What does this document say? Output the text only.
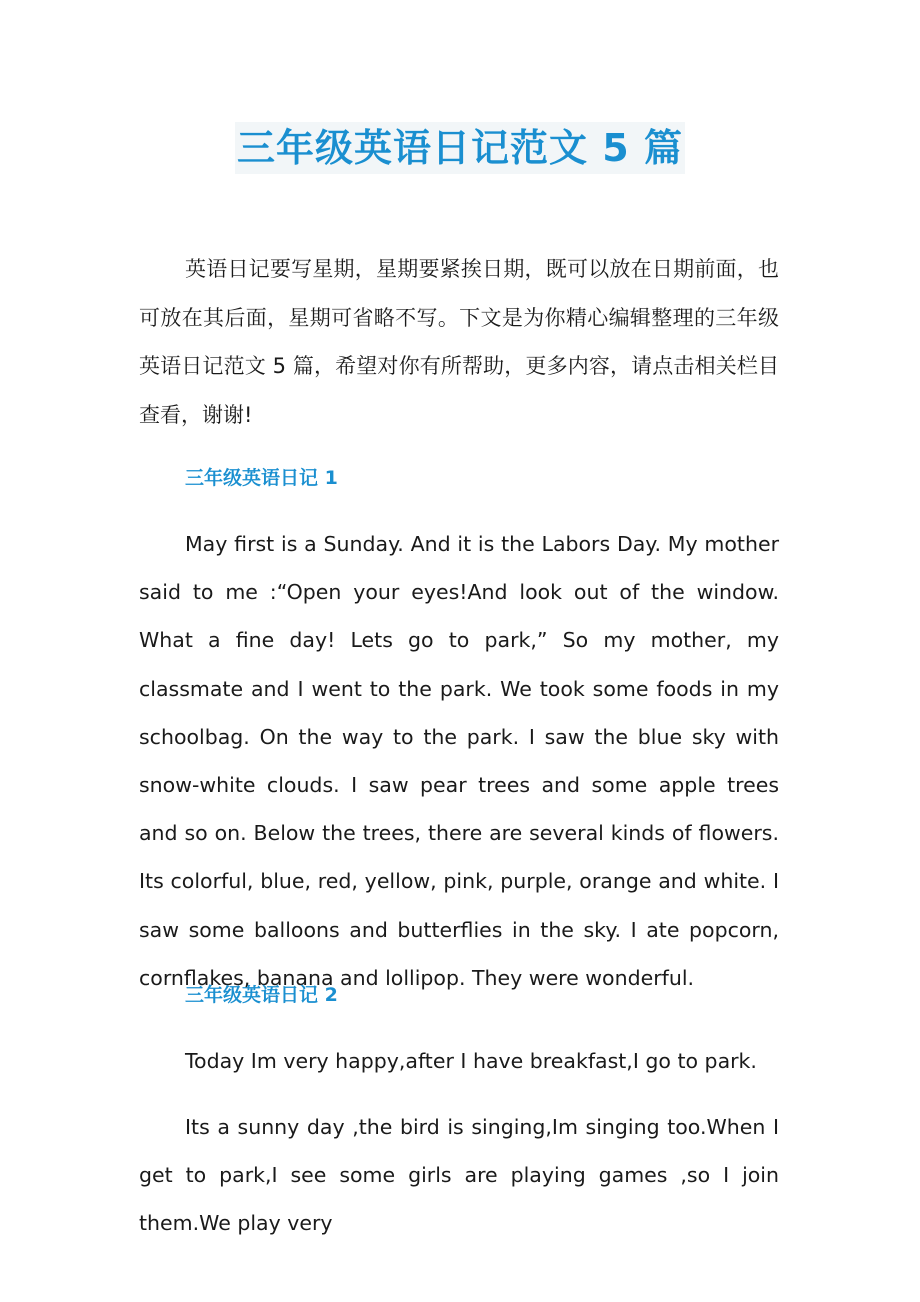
三年级英语日记范文 5 篇

英语日记要写星期，星期要紧挨日期，既可以放在日期前面，也可放在其后面，星期可省略不写。下文是为你精心编辑整理的三年级英语日记范文 5 篇，希望对你有所帮助，更多内容，请点击相关栏目查看，谢谢!

三年级英语日记 1

May first is a Sunday. And it is the Labors Day. My mother said to me :“Open your eyes!And look out of the window. What a fine day! Lets go to park,” So my mother, my classmate and I went to the park. We took some foods in my schoolbag. On the way to the park. I saw the blue sky with snow-white clouds. I saw pear trees and some apple trees and so on. Below the trees, there are several kinds of flowers. Its colorful, blue, red, yellow, pink, purple, orange and white. I saw some balloons and butterflies in the sky. I ate popcorn, cornflakes, banana and lollipop. They were wonderful.

三年级英语日记 2

Today Im very happy,after I have breakfast,I go to park.

Its a sunny day ,the bird is singing,Im singing too.When I get to park,I see some girls are playing games ,so I join them.We play very
